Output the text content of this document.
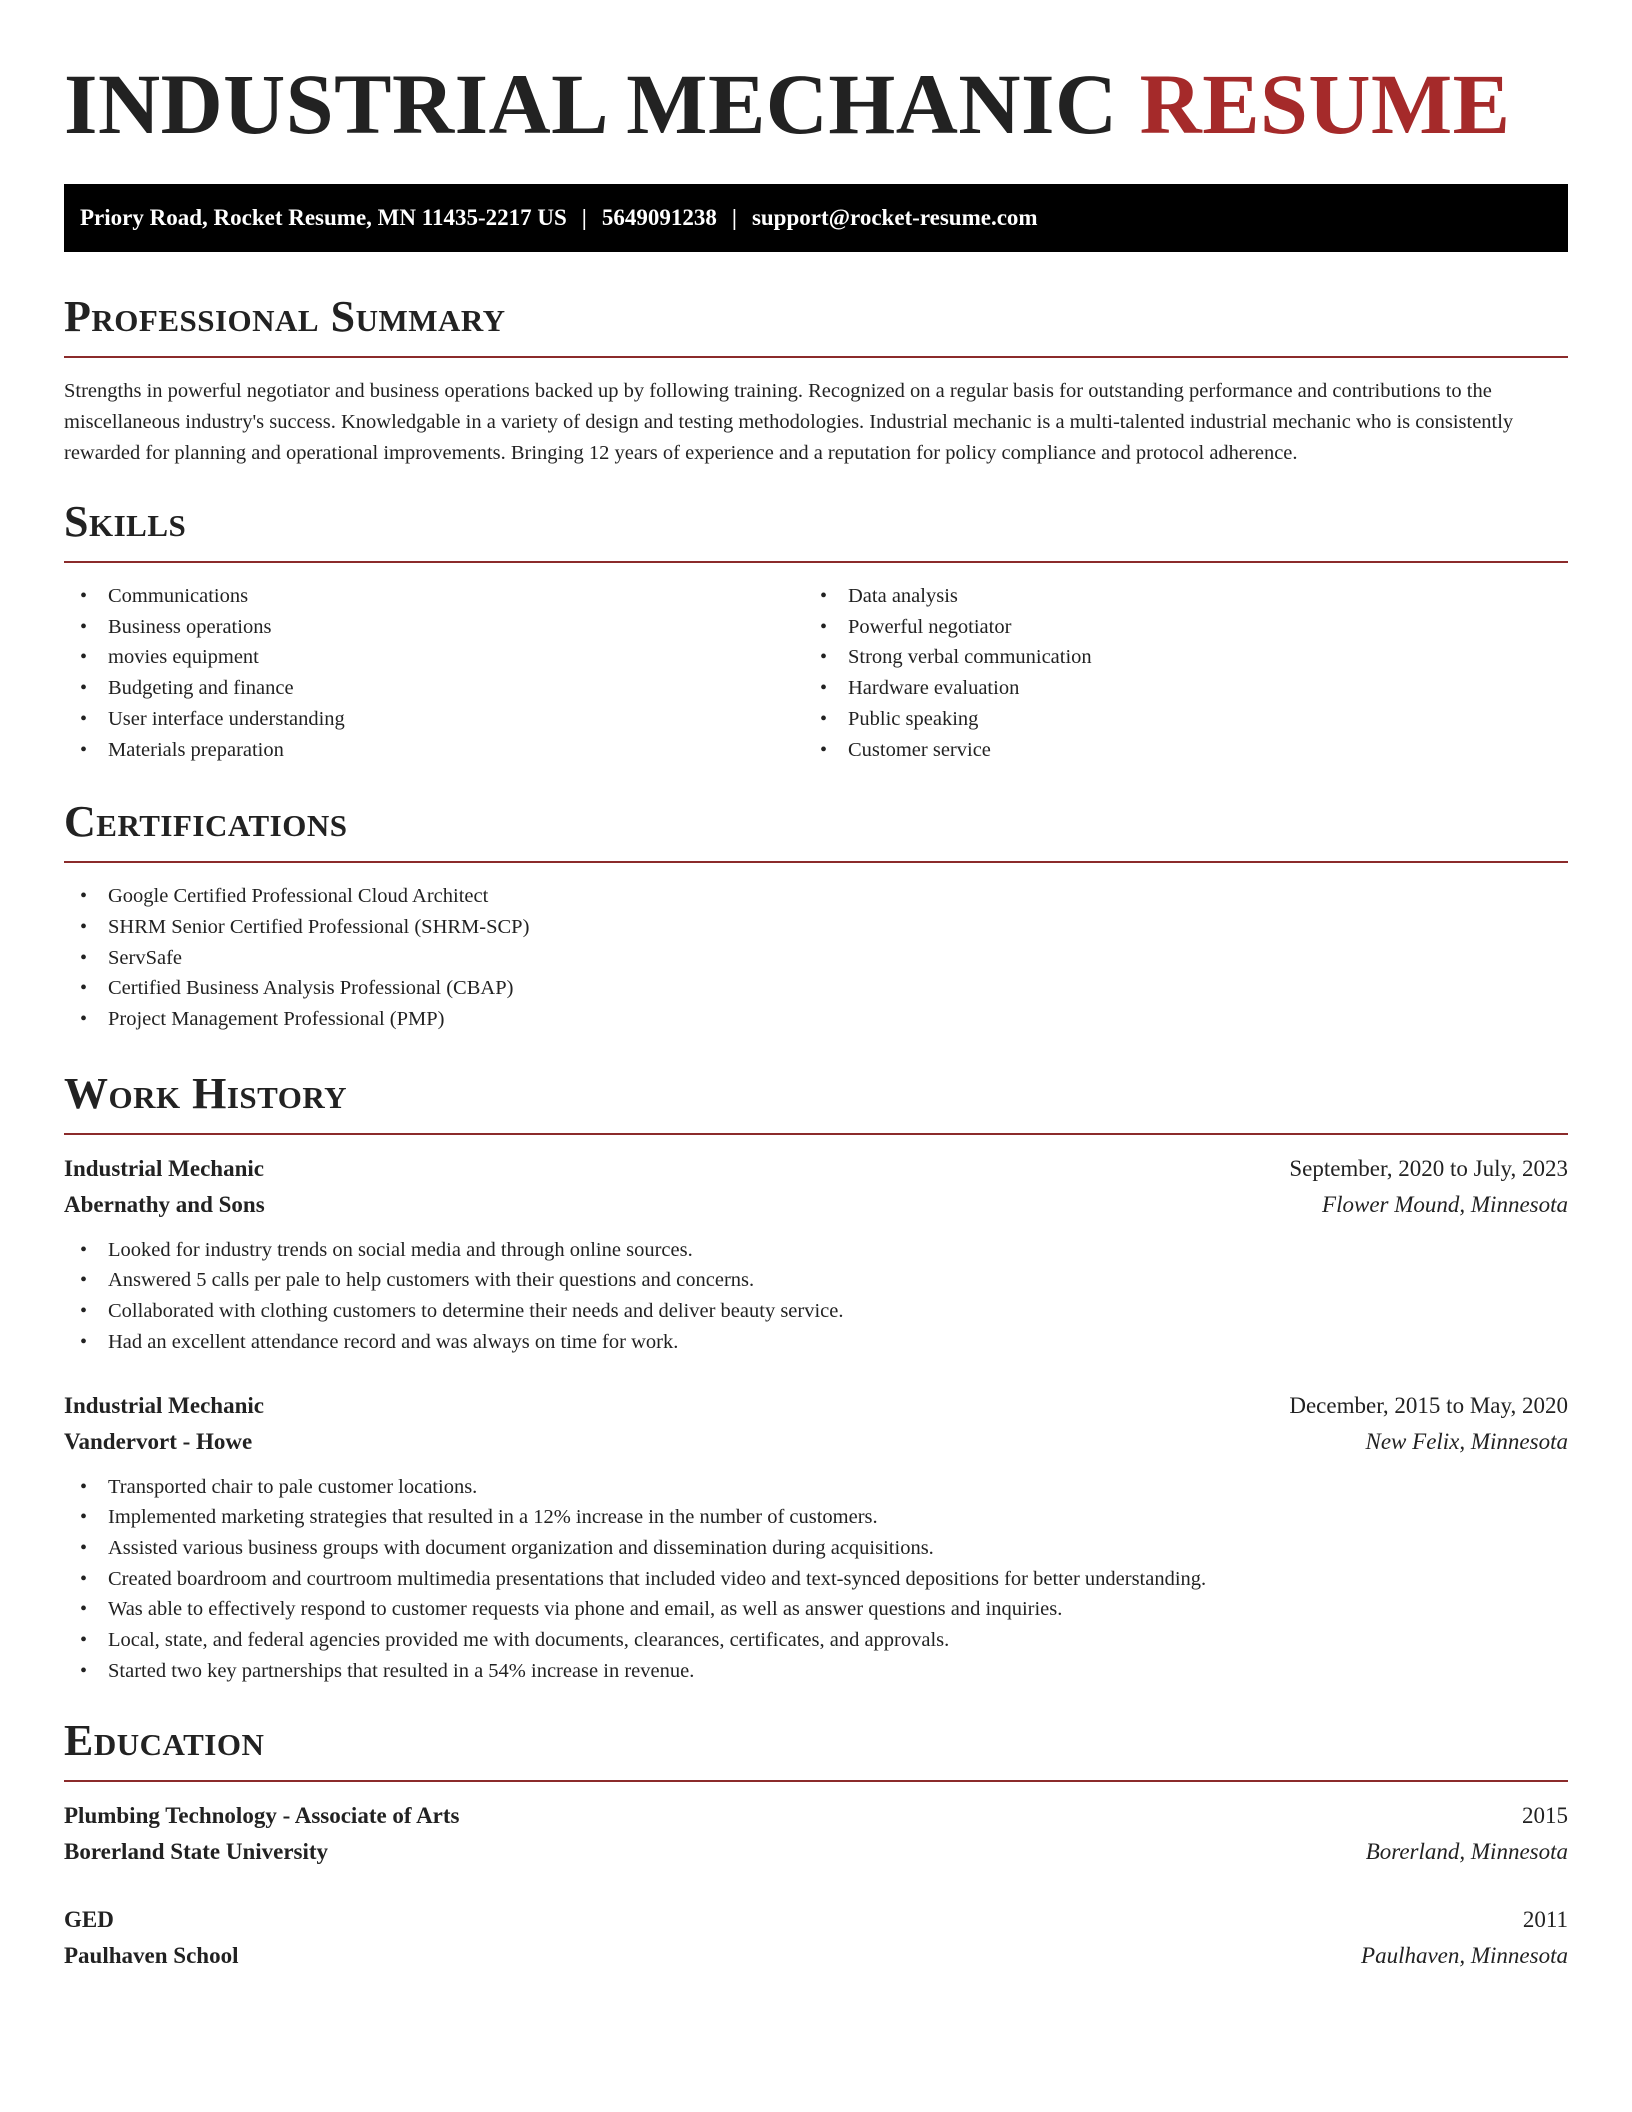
INDUSTRIAL MECHANIC RESUME
Priory Road, Rocket Resume, MN 11435-2217 US | 5649091238 | support@rocket-resume.com
Professional Summary

Strengths in powerful negotiator and business operations backed up by following training. Recognized on a regular basis for outstanding performance and contributions to the miscellaneous industry's success. Knowledgable in a variety of design and testing methodologies. Industrial mechanic is a multi-talented industrial mechanic who is consistently rewarded for planning and operational improvements. Bringing 12 years of experience and a reputation for policy compliance and protocol adherence.

Skills
• Communications
• Business operations
• movies equipment
• Budgeting and finance
• User interface understanding
• Materials preparation
• Data analysis
• Powerful negotiator
• Strong verbal communication
• Hardware evaluation
• Public speaking
• Customer service
Certifications
• Google Certified Professional Cloud Architect
• SHRM Senior Certified Professional (SHRM-SCP)
• ServSafe
• Certified Business Analysis Professional (CBAP)
• Project Management Professional (PMP)
Work History
Industrial Mechanic	September, 2020 to July, 2023
Abernathy and Sons	Flower Mound, Minnesota
• Looked for industry trends on social media and through online sources.
• Answered 5 calls per pale to help customers with their questions and concerns.
• Collaborated with clothing customers to determine their needs and deliver beauty service.
• Had an excellent attendance record and was always on time for work.
Industrial Mechanic	December, 2015 to May, 2020
Vandervort - Howe	New Felix, Minnesota
• Transported chair to pale customer locations.
• Implemented marketing strategies that resulted in a 12% increase in the number of customers.
• Assisted various business groups with document organization and dissemination during acquisitions.
• Created boardroom and courtroom multimedia presentations that included video and text-synced depositions for better understanding.
• Was able to effectively respond to customer requests via phone and email, as well as answer questions and inquiries.
• Local, state, and federal agencies provided me with documents, clearances, certificates, and approvals.
• Started two key partnerships that resulted in a 54% increase in revenue.
Education
Plumbing Technology - Associate of Arts	2015
Borerland State University	Borerland, Minnesota
GED	2011
Paulhaven School	Paulhaven, Minnesota
